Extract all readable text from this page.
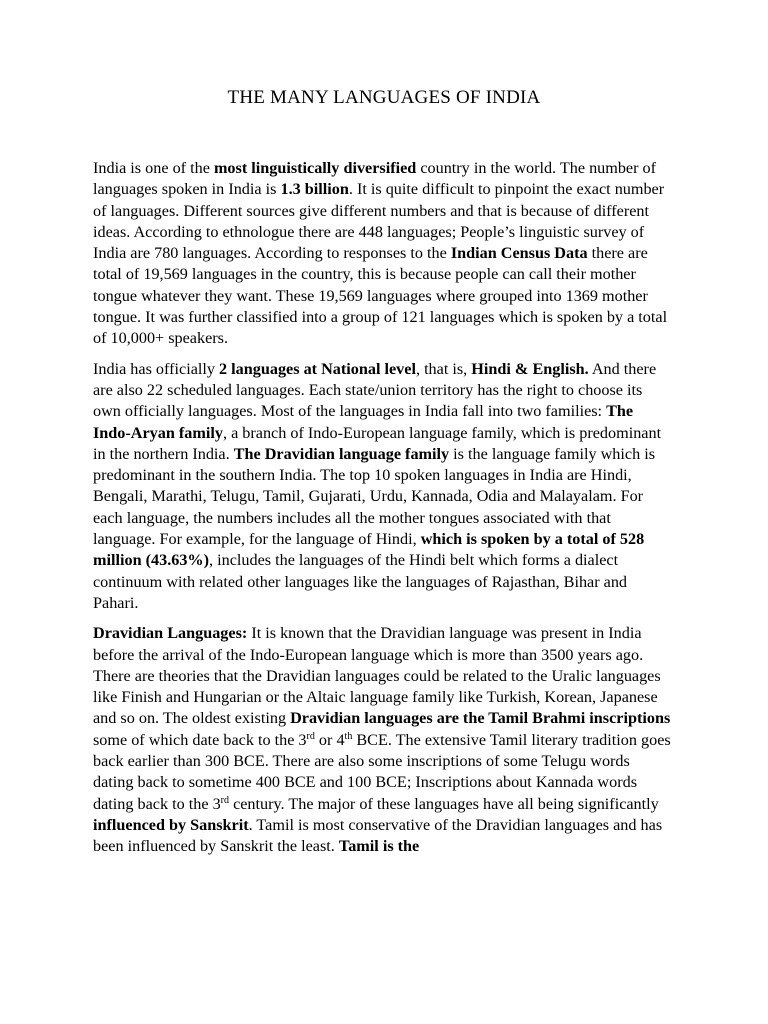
THE MANY LANGUAGES OF INDIA

India is one of the most linguistically diversified country in the world. The number of languages spoken in India is 1.3 billion. It is quite difficult to pinpoint the exact number of languages. Different sources give different numbers and that is because of different ideas. According to ethnologue there are 448 languages; People’s linguistic survey of India are 780 languages. According to responses to the Indian Census Data there are total of 19,569 languages in the country, this is because people can call their mother tongue whatever they want. These 19,569 languages where grouped into 1369 mother tongue. It was further classified into a group of 121 languages which is spoken by a total of 10,000+ speakers.

India has officially 2 languages at National level, that is, Hindi & English. And there are also 22 scheduled languages. Each state/union territory has the right to choose its own officially languages. Most of the languages in India fall into two families: The Indo-Aryan family, a branch of Indo-European language family, which is predominant in the northern India. The Dravidian language family is the language family which is predominant in the southern India. The top 10 spoken languages in India are Hindi, Bengali, Marathi, Telugu, Tamil, Gujarati, Urdu, Kannada, Odia and Malayalam. For each language, the numbers includes all the mother tongues associated with that language. For example, for the language of Hindi, which is spoken by a total of 528 million (43.63%), includes the languages of the Hindi belt which forms a dialect continuum with related other languages like the languages of Rajasthan, Bihar and Pahari.

Dravidian Languages: It is known that the Dravidian language was present in India before the arrival of the Indo-European language which is more than 3500 years ago. There are theories that the Dravidian languages could be related to the Uralic languages like Finish and Hungarian or the Altaic language family like Turkish, Korean, Japanese and so on. The oldest existing Dravidian languages are the Tamil Brahmi inscriptions some of which date back to the 3rd or 4th BCE. The extensive Tamil literary tradition goes back earlier than 300 BCE. There are also some inscriptions of some Telugu words dating back to sometime 400 BCE and 100 BCE; Inscriptions about Kannada words dating back to the 3rd century. The major of these languages have all being significantly influenced by Sanskrit. Tamil is most conservative of the Dravidian languages and has been influenced by Sanskrit the least. Tamil is the
